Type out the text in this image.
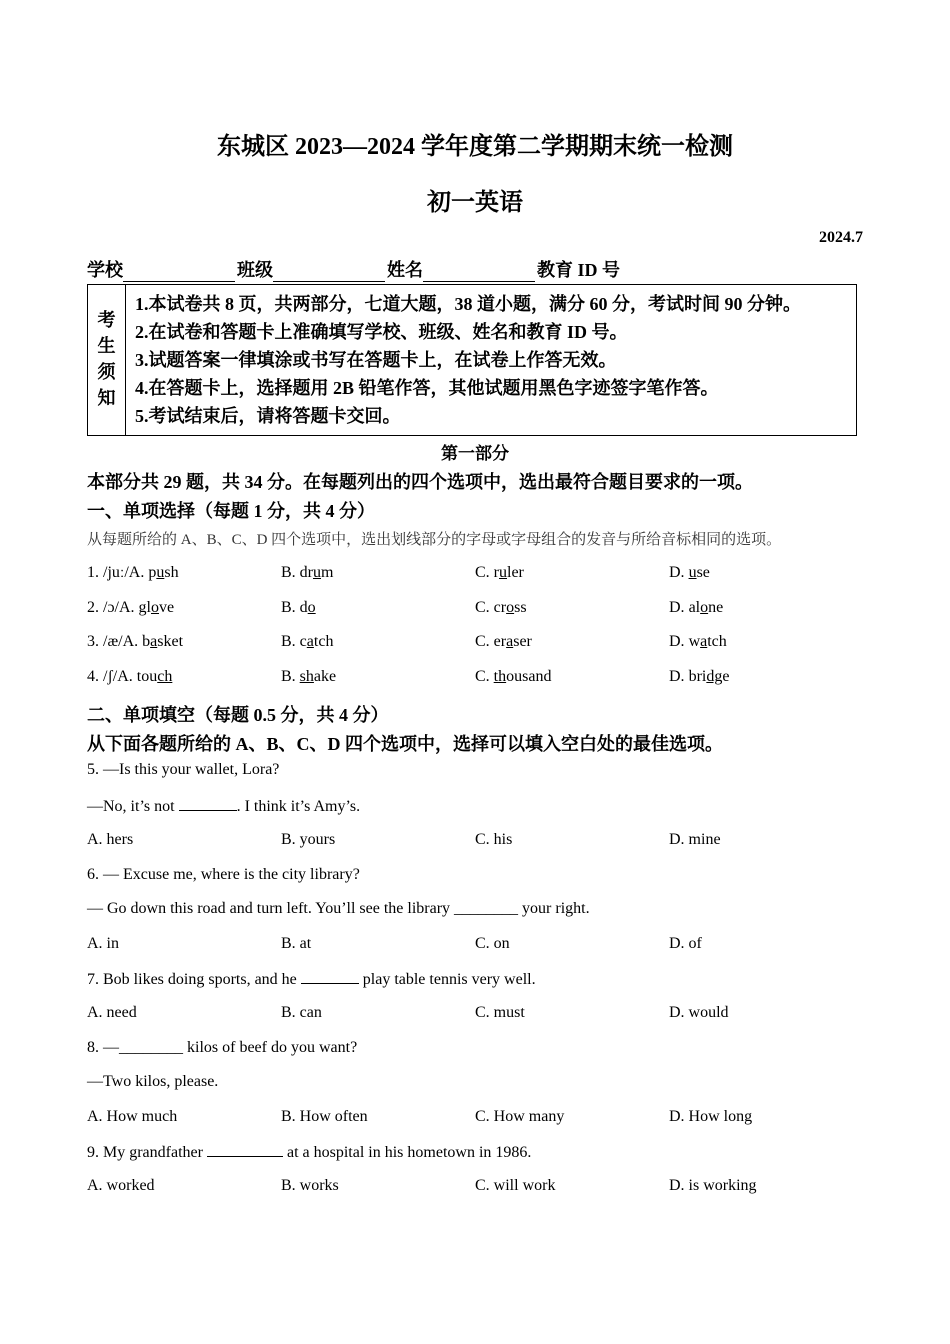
东城区 2023—2024 学年度第二学期期末统一检测
初一英语
2024.7
学校	班级	姓名	教育 ID 号
考
生
须
知
1.本试卷共 8 页，共两部分，七道大题，38 道小题，满分 60 分，考试时间 90 分钟。
2.在试卷和答题卡上准确填写学校、班级、姓名和教育 ID 号。
3.试题答案一律填涂或书写在答题卡上，在试卷上作答无效。
4.在答题卡上，选择题用 2B 铅笔作答，其他试题用黑色字迹签字笔作答。
5.考试结束后，请将答题卡交回。
第一部分
本部分共 29 题，共 34 分。在每题列出的四个选项中，选出最符合题目要求的一项。
一、单项选择（每题 1 分，共 4 分）
从每题所给的 A、B、C、D 四个选项中，选出划线部分的字母或字母组合的发音与所给音标相同的选项。
1. /juː/A. push	B. drum	C. ruler	D. use
2. /ɔ/A. glove	B. do	C. cross	D. alone
3. /æ/A. basket	B. catch	C. eraser	D. watch
4. /ʃ/A. touch	B. shake	C. thousand	D. bridge
二、单项填空（每题 0.5 分，共 4 分）
从下面各题所给的 A、B、C、D 四个选项中，选择可以填入空白处的最佳选项。
5. —Is this your wallet, Lora?
—No, it’s not	. I think it’s Amy’s.
A. hers	B. yours	C. his	D. mine
6. — Excuse me, where is the city library?
— Go down this road and turn left. You’ll see the library ________ your right.
A. in	B. at	C. on	D. of
7. Bob likes doing sports, and he	play table tennis very well.
A. need	B. can	C. must	D. would
8. —________ kilos of beef do you want?
—Two kilos, please.
A. How much	B. How often	C. How many	D. How long
9. My grandfather	at a hospital in his hometown in 1986.
A. worked	B. works	C. will work	D. is working
